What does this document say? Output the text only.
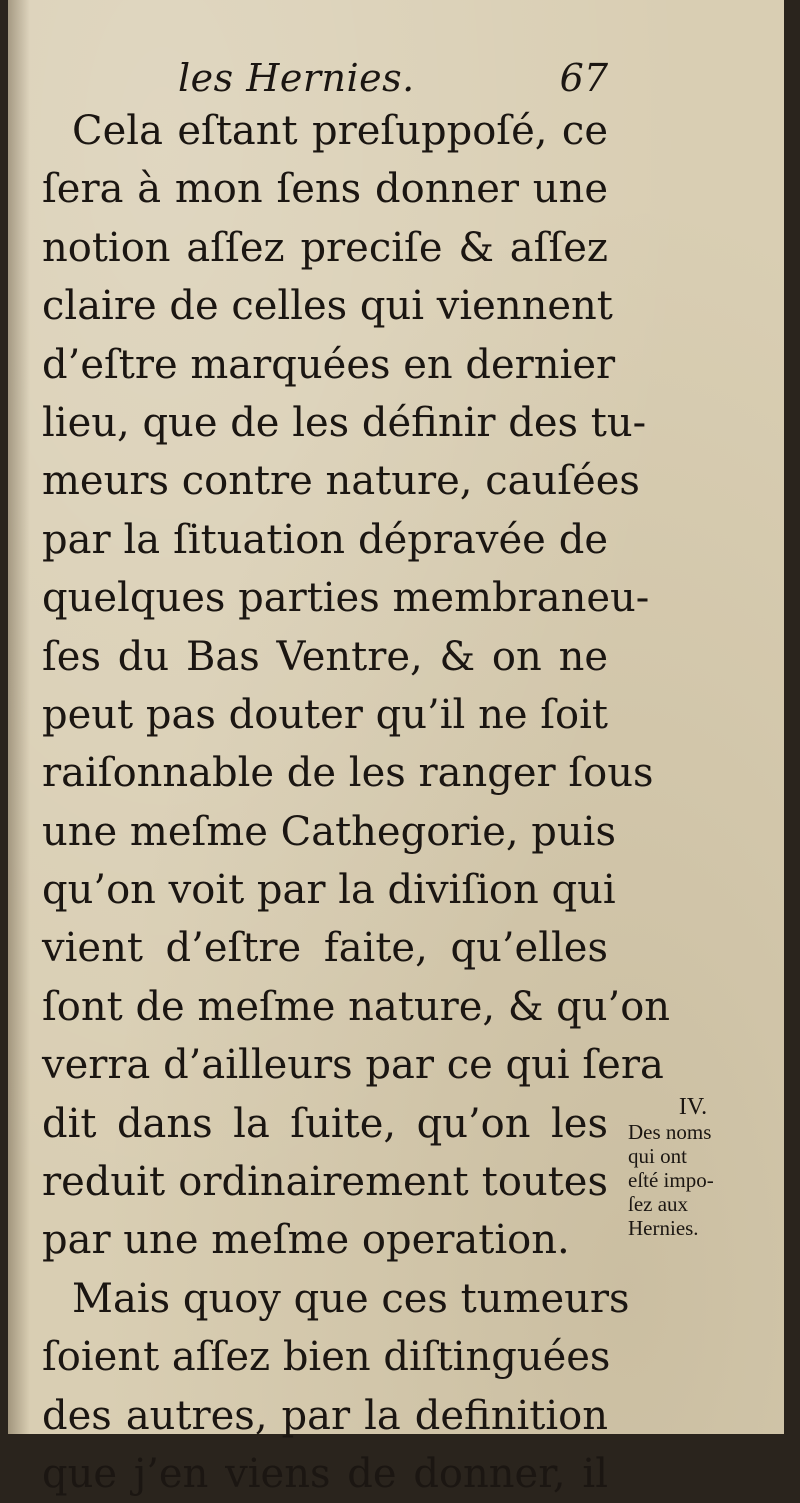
les Hernies.	67
Cela eſtant preſuppoſé, ce
ſera à mon ſens donner une
notion aſſez preciſe & aſſez
claire de celles qui viennent
d’eſtre marquées en dernier
lieu, que de les définir des tu-
meurs contre nature, cauſées
par la ſituation dépravée de
quelques parties membraneu-
ſes du Bas Ventre, & on ne
peut pas douter qu’il ne ſoit
raiſonnable de les ranger ſous
une meſme Cathegorie, puis
qu’on voit par la diviſion qui
vient d’eſtre faite, qu’elles
ſont de meſme nature, & qu’on
verra d’ailleurs par ce qui ſera
dit dans la ſuite, qu’on les
reduit ordinairement toutes
par une meſme operation.
Mais quoy que ces tumeurs
ſoient aſſez bien diſtinguées
des autres, par la definition
que j’en viens de donner, il
IV.
Des noms
qui ont
eſté impo-
ſez aux
Hernies.
